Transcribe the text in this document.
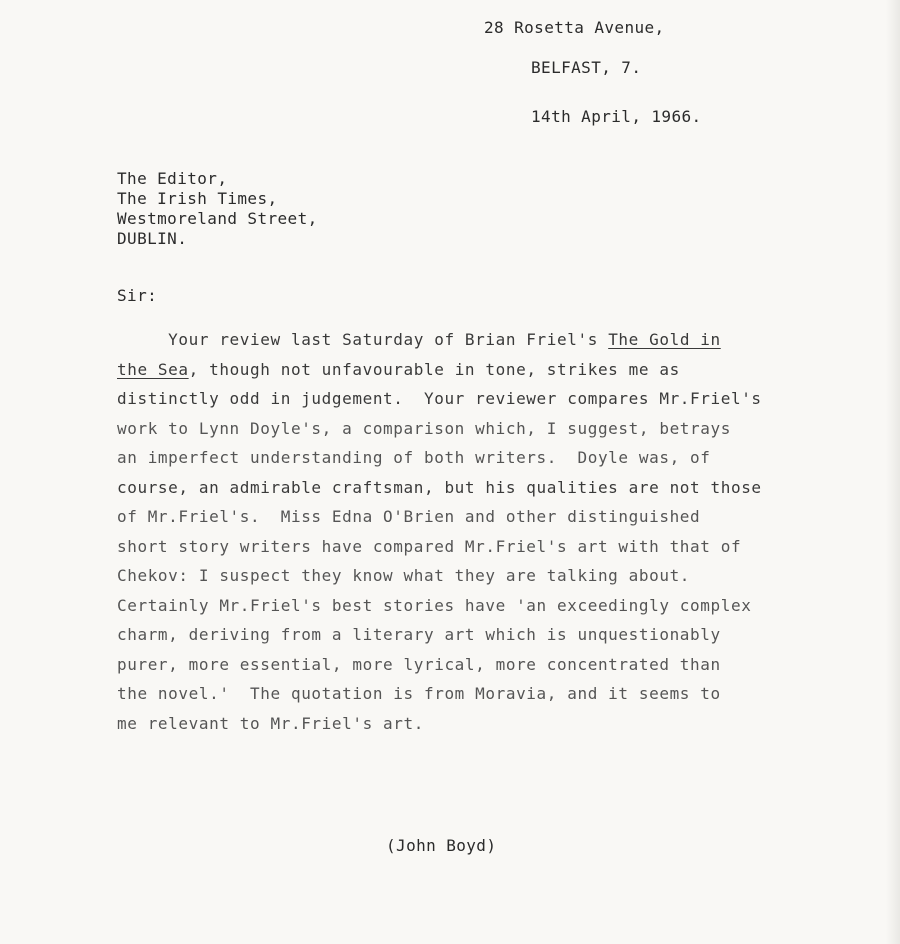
28 Rosetta Avenue,
BELFAST, 7.
14th April, 1966.
The Editor,
The Irish Times,
Westmoreland Street,
DUBLIN.
Sir:
Your review last Saturday of Brian Friel's The Gold in
the Sea, though not unfavourable in tone, strikes me as
distinctly odd in judgement.  Your reviewer compares Mr.Friel's
work to Lynn Doyle's, a comparison which, I suggest, betrays
an imperfect understanding of both writers.  Doyle was, of
course, an admirable craftsman, but his qualities are not those
of Mr.Friel's.  Miss Edna O'Brien and other distinguished
short story writers have compared Mr.Friel's art with that of
Chekov: I suspect they know what they are talking about.
Certainly Mr.Friel's best stories have 'an exceedingly complex
charm, deriving from a literary art which is unquestionably
purer, more essential, more lyrical, more concentrated than
the novel.'  The quotation is from Moravia, and it seems to
me relevant to Mr.Friel's art.
(John Boyd)
